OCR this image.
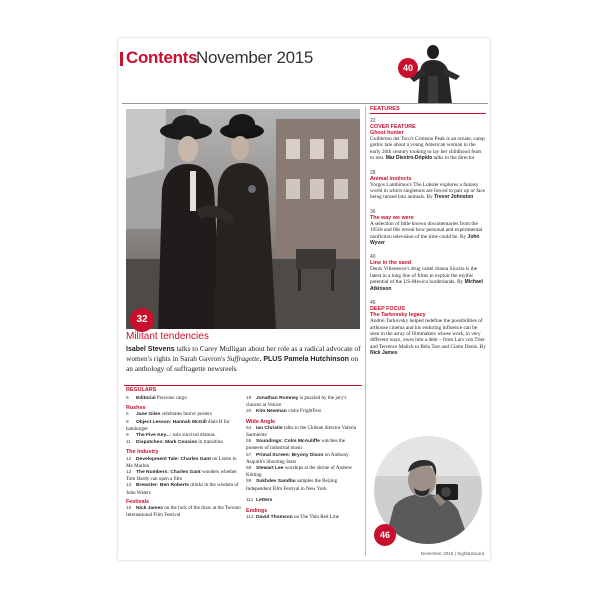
Contents
November 2015
40
32
Militant tendencies
Isabel Stevens talks to Carey Mulligan about her role as a radical advocate of women's rights in Sarah Gavron's Suffragette. PLUS Pamela Hutchinson on an anthology of suffragette newsreels
FEATURES
22
COVER FEATURE
Ghost hunter
Guillermo del Toro's Crimson Peak is an ornate, camp gothic tale about a young American woman in the early 20th century looking to lay her childhood fears to rest. Mar Diestro-Dópido talks to the director
28
Animal instincts
Yorgos Lanthimos's The Lobster explores a fantasy world in which singletons are forced to pair up or face being turned into animals. By Trevor Johnston
36
The way we were
A selection of little known documentaries from the 1950s and 60s reveal how personal and experimental nonfiction television of the time could be. By John Wyver
40
Line in the sand
Denis Villeneuve's drug cartel drama Sicario is the latest in a long line of films to exploit the mythic potential of the US-Mexico borderlands. By Michael Atkinson
46
DEEP FOCUS
The Tarkovsky legacy
Andrei Tarkovsky helped redefine the possibilities of arthouse cinema and his enduring influence can be seen in the array of filmmakers whose work, in very different ways, owes him a debt – from Lars von Trier and Terrence Malick to Béla Tarr and Claire Denis. By Nick James
46
REGULARS
5 Editorial Precious cargo
Rushes
6 Jane Giles celebrates horror posters
8 Object Lesson: Hannah McGill dials H for hamburger
9 The Five Key...: solo survival dramas
11 Dispatches: Mark Cousins in transition
The Industry
12 Development Tale: Charles Gant on Listen to Me Marlon
13 The Numbers: Charles Gant wonders whether Tom Hardy can open a film
14 Brewster: Ben Roberts drinks in the wisdom of John Waters
Festivals
16 Nick James on the luck of the draw at the Toronto International Film Festival
18 Jonathan Romney is puzzled by the jury's choices at Venice
20 Kim Newman visits FrightFest
Wide Angle
54 Ian Christie talks to the Chilean director Valeria Sarmiento
56 Soundings: Colm McAuliffe watches the pioneers of industrial music
57 Primal Screen: Bryony Dixon on Anthony Asquith's Shooting Stars
58 Stewart Lee worships at the shrine of Andrew Kötting
59 Sukhdev Sandhu samples the Beijing Independent Film Festival in New York
111 Letters
Endings
112 David Thomson on The Thin Red Line
November 2015 | Sight&Sound
